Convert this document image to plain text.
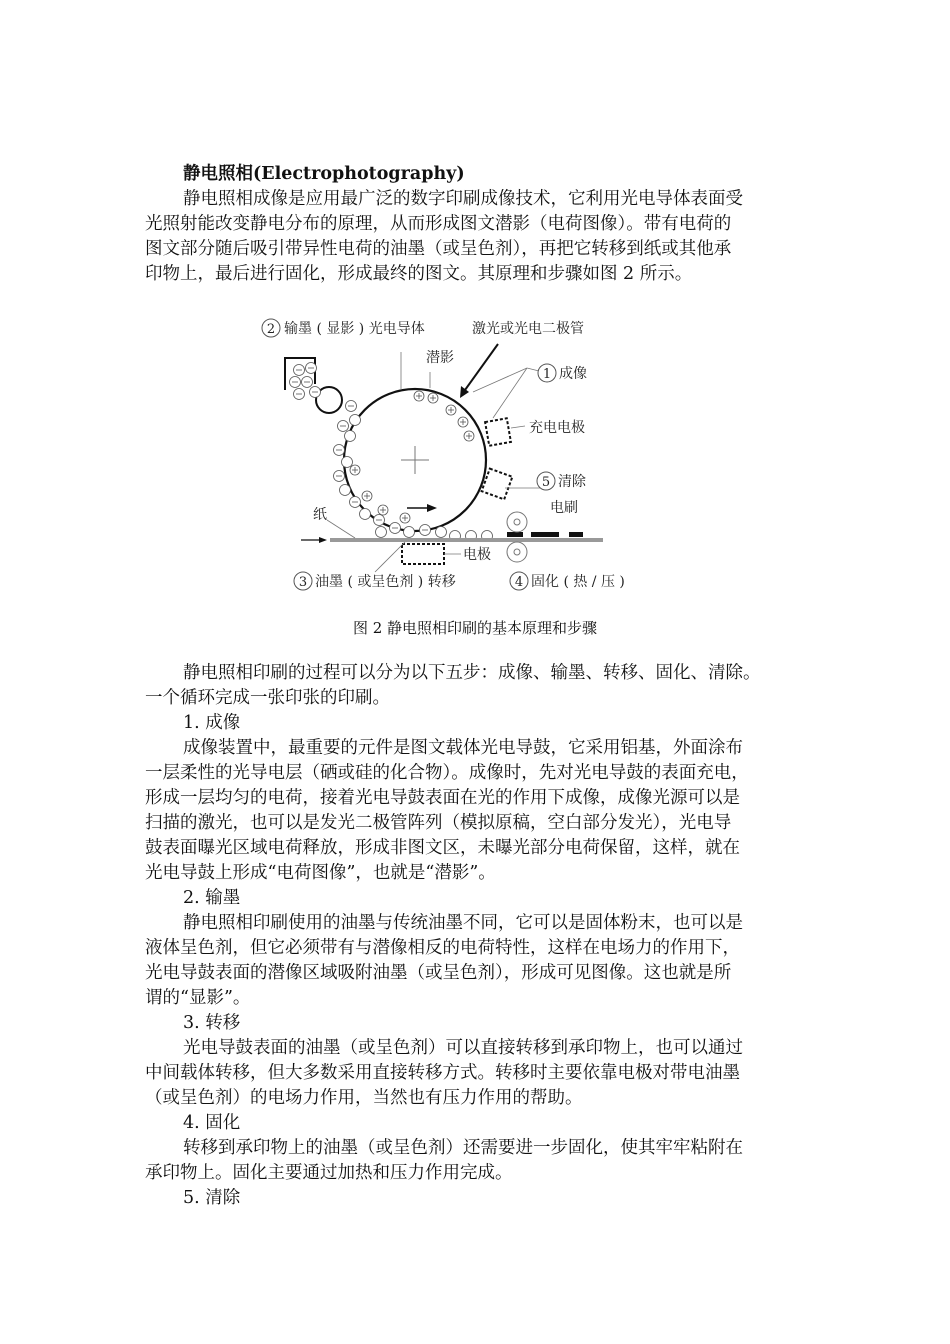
静电照相(Electrophotography)
静电照相成像是应用最广泛的数字印刷成像技术，它利用光电导体表面受
光照射能改变静电分布的原理，从而形成图文潜影（电荷图像）。带有电荷的
图文部分随后吸引带异性电荷的油墨（或呈色剂），再把它转移到纸或其他承
印物上，最后进行固化，形成最终的图文。其原理和步骤如图 2 所示。
2
1
5
3	4
输墨 ( 显影 ) 光电导体	激光或光电二极管
潜影
成像
充电电极
清除
电刷
纸
电极
油墨 ( 或呈色剂 ) 转移	固化 ( 热 / 压 )
图 2 静电照相印刷的基本原理和步骤
静电照相印刷的过程可以分为以下五步：成像、输墨、转移、固化、清除。
一个循环完成一张印张的印刷。
1. 成像
成像装置中，最重要的元件是图文载体光电导鼓，它采用铝基，外面涂布
一层柔性的光导电层（硒或硅的化合物）。成像时，先对光电导鼓的表面充电，
形成一层均匀的电荷，接着光电导鼓表面在光的作用下成像，成像光源可以是
扫描的激光，也可以是发光二极管阵列（模拟原稿，空白部分发光），光电导
鼓表面曝光区域电荷释放，形成非图文区，未曝光部分电荷保留，这样，就在
光电导鼓上形成“电荷图像”，也就是“潜影”。
2. 输墨
静电照相印刷使用的油墨与传统油墨不同，它可以是固体粉末，也可以是
液体呈色剂，但它必须带有与潜像相反的电荷特性，这样在电场力的作用下，
光电导鼓表面的潜像区域吸附油墨（或呈色剂），形成可见图像。这也就是所
谓的“显影”。
3. 转移
光电导鼓表面的油墨（或呈色剂）可以直接转移到承印物上，也可以通过
中间载体转移，但大多数采用直接转移方式。转移时主要依靠电极对带电油墨
（或呈色剂）的电场力作用，当然也有压力作用的帮助。
4. 固化
转移到承印物上的油墨（或呈色剂）还需要进一步固化，使其牢牢粘附在
承印物上。固化主要通过加热和压力作用完成。
5. 清除
